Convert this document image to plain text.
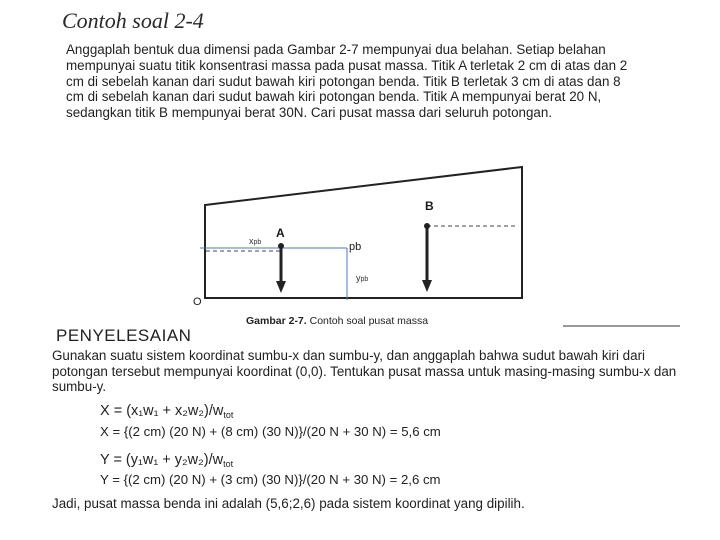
Contoh soal 2-4
Anggaplah bentuk dua dimensi pada Gambar 2-7 mempunyai dua belahan. Setiap belahan mempunyai suatu titik konsentrasi massa pada pusat massa. Titik A terletak 2 cm di atas dan 2 cm di sebelah kanan dari sudut bawah kiri potongan benda. Titik B terletak 3 cm di atas dan 8 cm di sebelah kanan dari sudut bawah kiri potongan benda. Titik A mempunyai berat 20 N, sedangkan titik B mempunyai berat 30N. Cari pusat massa dari seluruh potongan.
A
B
O
xpb	pb
ypb
Gambar 2-7. Contoh soal pusat massa
PENYELESAIAN
Gunakan suatu sistem koordinat sumbu-x dan sumbu-y, dan anggaplah bahwa sudut bawah kiri dari potongan tersebut mempunyai koordinat (0,0). Tentukan pusat massa untuk masing-masing sumbu-x dan sumbu-y.
$X = (x_1w_1 + x_2w_2)/w_{tot}$
X = {(2 cm) (20 N) + (8 cm) (30 N)}/(20 N + 30 N) = 5,6 cm
$Y = (y_1w_1 + y_2w_2)/w_{tot}$
Y = {(2 cm) (20 N) + (3 cm) (30 N)}/(20 N + 30 N) = 2,6 cm
Jadi, pusat massa benda ini adalah (5,6;2,6) pada sistem koordinat yang dipilih.
